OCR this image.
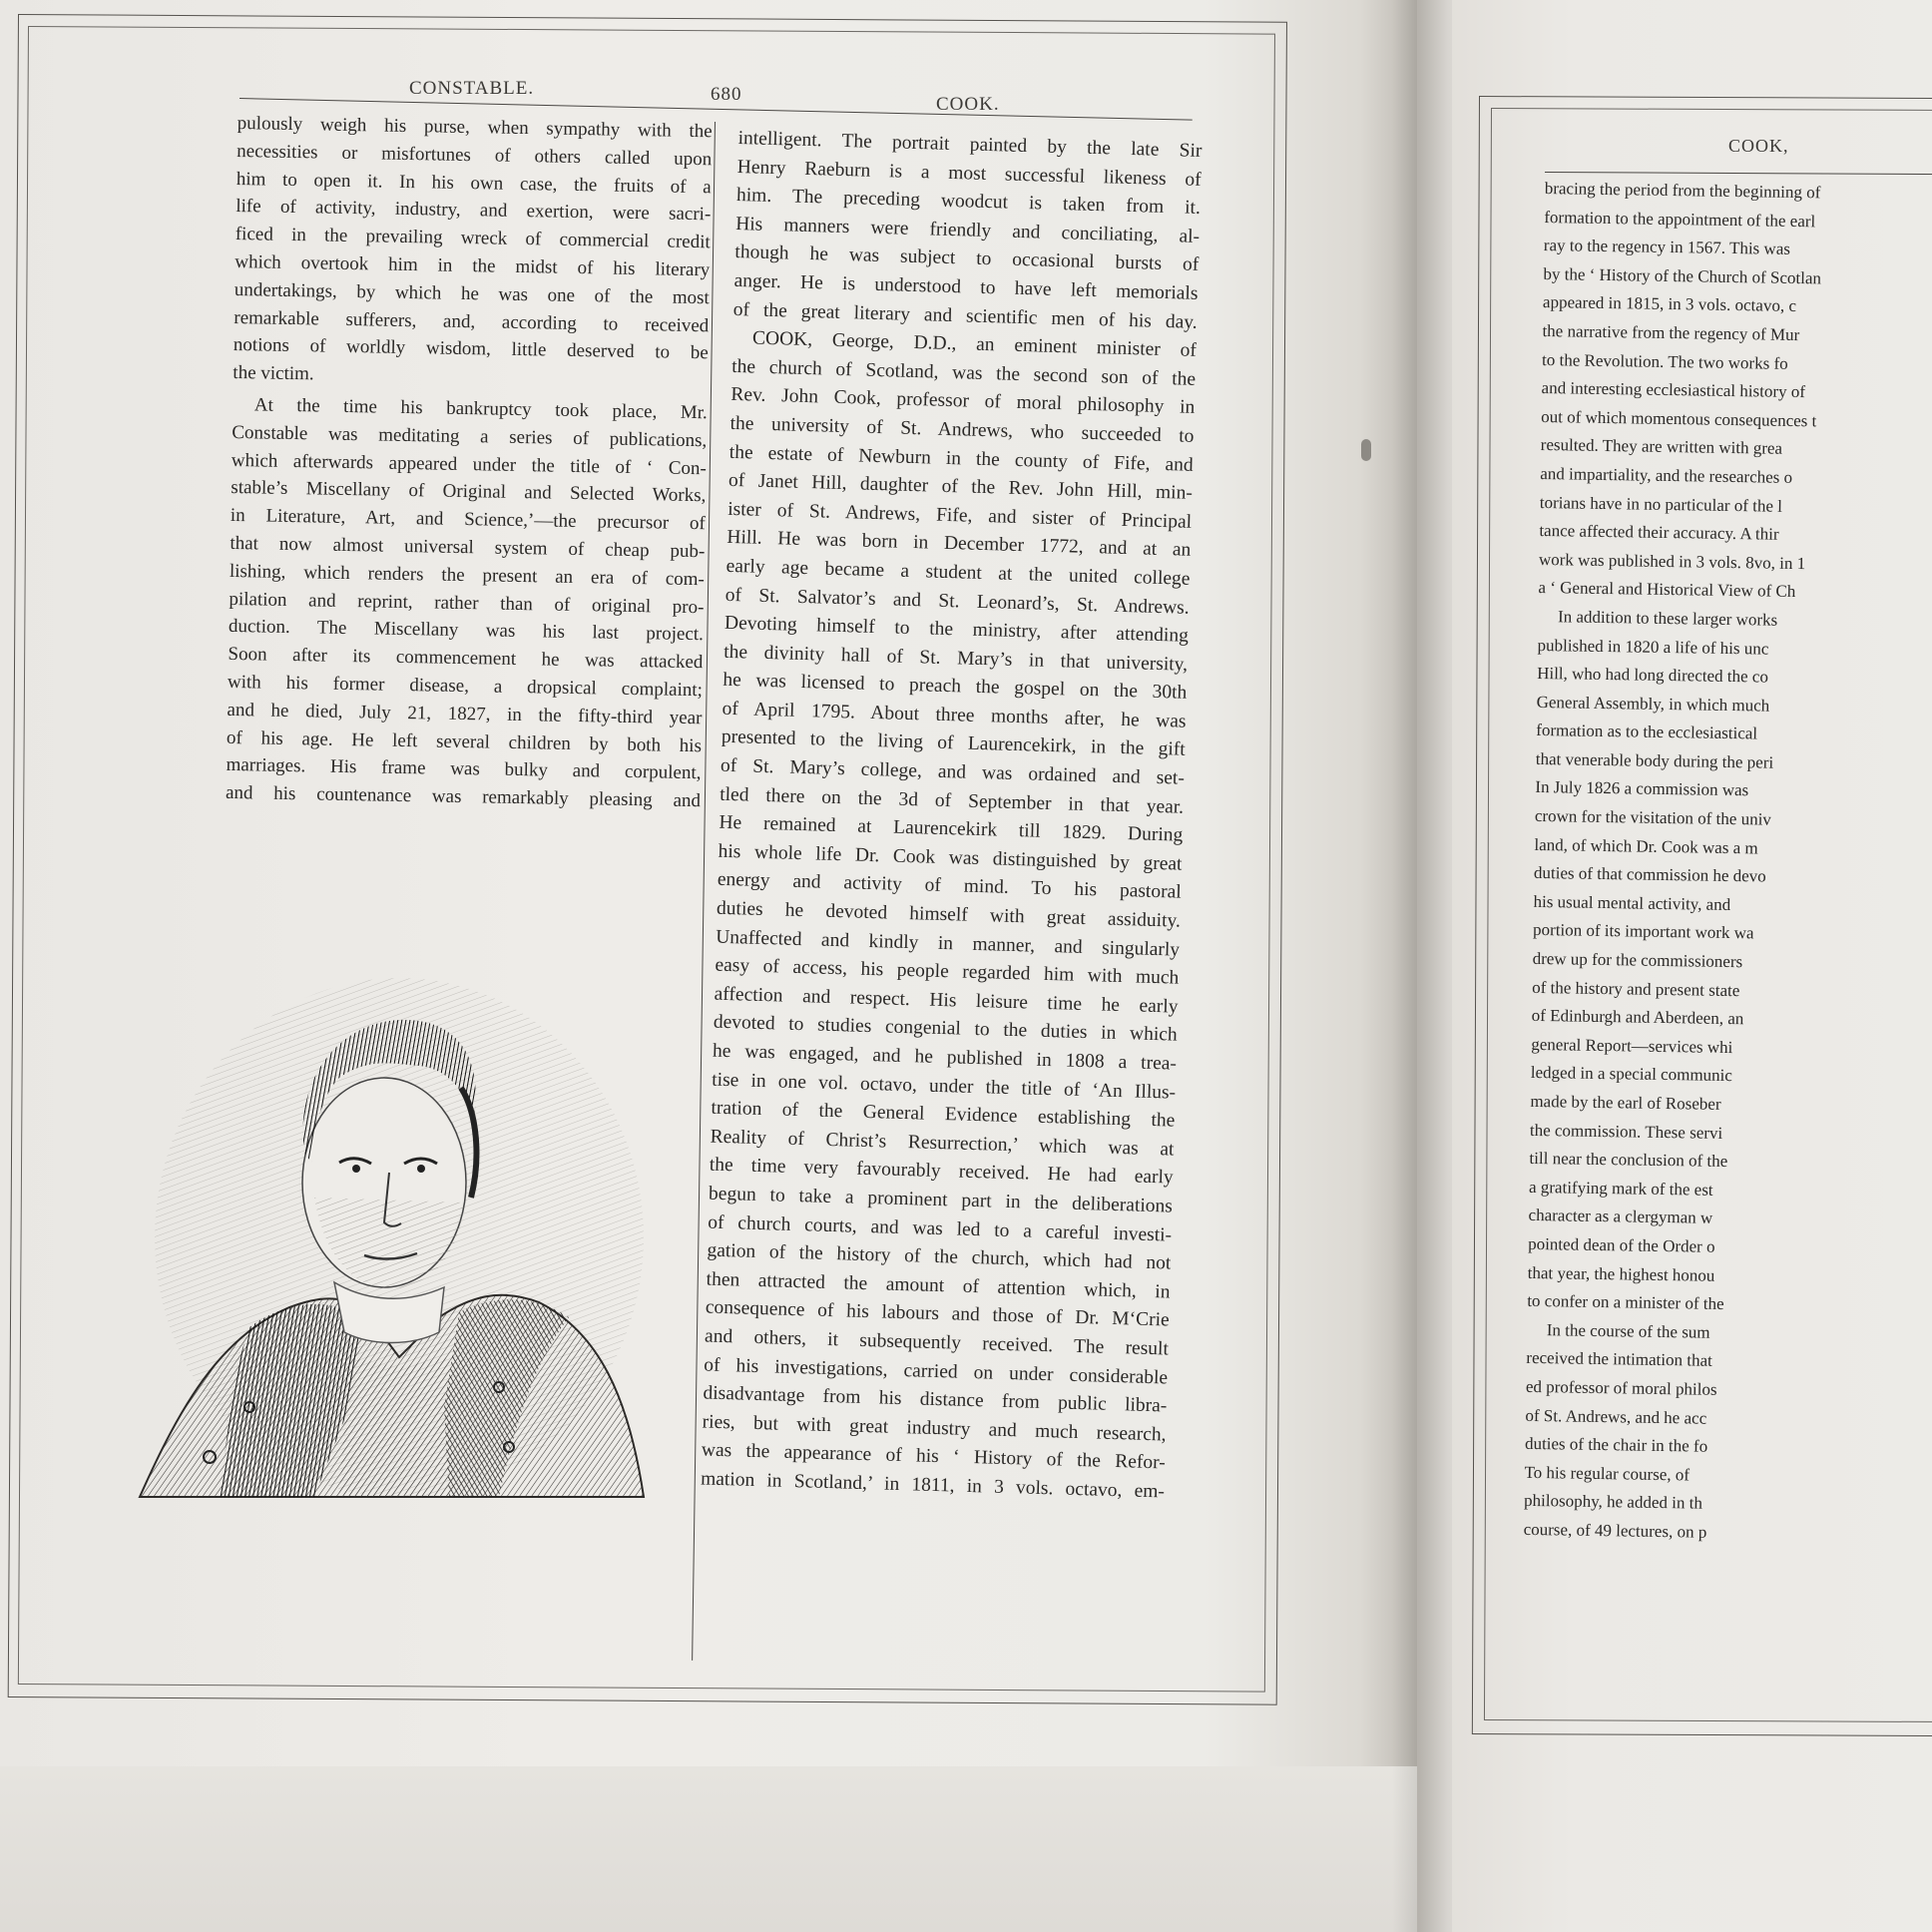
CONSTABLE.	680	COOK.
pulously weigh his purse, when sympathy with the
necessities or misfortunes of others called upon
him to open it. In his own case, the fruits of a
life of activity, industry, and exertion, were sacri-
ficed in the prevailing wreck of commercial credit
which overtook him in the midst of his literary
undertakings, by which he was one of the most
remarkable sufferers, and, according to received
notions of worldly wisdom, little deserved to be
the victim.
At the time his bankruptcy took place, Mr.
Constable was meditating a series of publications,
which afterwards appeared under the title of ‘ Con-
stable’s Miscellany of Original and Selected Works,
in Literature, Art, and Science,’—the precursor of
that now almost universal system of cheap pub-
lishing, which renders the present an era of com-
pilation and reprint, rather than of original pro-
duction. The Miscellany was his last project.
Soon after its commencement he was attacked
with his former disease, a dropsical complaint;
and he died, July 21, 1827, in the fifty-third year
of his age. He left several children by both his
marriages. His frame was bulky and corpulent,
and his countenance was remarkably pleasing and
intelligent. The portrait painted by the late Sir
Henry Raeburn is a most successful likeness of
him. The preceding woodcut is taken from it.
His manners were friendly and conciliating, al-
though he was subject to occasional bursts of
anger. He is understood to have left memorials
of the great literary and scientific men of his day.
COOK, George, D.D., an eminent minister of
the church of Scotland, was the second son of the
Rev. John Cook, professor of moral philosophy in
the university of St. Andrews, who succeeded to
the estate of Newburn in the county of Fife, and
of Janet Hill, daughter of the Rev. John Hill, min-
ister of St. Andrews, Fife, and sister of Principal
Hill. He was born in December 1772, and at an
early age became a student at the united college
of St. Salvator’s and St. Leonard’s, St. Andrews.
Devoting himself to the ministry, after attending
the divinity hall of St. Mary’s in that university,
he was licensed to preach the gospel on the 30th
of April 1795. About three months after, he was
presented to the living of Laurencekirk, in the gift
of St. Mary’s college, and was ordained and set-
tled there on the 3d of September in that year.
He remained at Laurencekirk till 1829. During
his whole life Dr. Cook was distinguished by great
energy and activity of mind. To his pastoral
duties he devoted himself with great assiduity.
Unaffected and kindly in manner, and singularly
easy of access, his people regarded him with much
affection and respect. His leisure time he early
devoted to studies congenial to the duties in which
he was engaged, and he published in 1808 a trea-
tise in one vol. octavo, under the title of ‘An Illus-
tration of the General Evidence establishing the
Reality of Christ’s Resurrection,’ which was at
the time very favourably received. He had early
begun to take a prominent part in the deliberations
of church courts, and was led to a careful investi-
gation of the history of the church, which had not
then attracted the amount of attention which, in
consequence of his labours and those of Dr. M‘Crie
and others, it subsequently received. The result
of his investigations, carried on under considerable
disadvantage from his distance from public libra-
ries, but with great industry and much research,
was the appearance of his ‘ History of the Refor-
mation in Scotland,’ in 1811, in 3 vols. octavo, em-
COOK,
bracing the period from the beginning of
formation to the appointment of the earl
ray to the regency in 1567. This was
by the ‘ History of the Church of Scotlan
appeared in 1815, in 3 vols. octavo, c
the narrative from the regency of Mur
to the Revolution. The two works fo
and interesting ecclesiastical history of
out of which momentous consequences t
resulted. They are written with grea
and impartiality, and the researches o
torians have in no particular of the l
tance affected their accuracy. A thir
work was published in 3 vols. 8vo, in 1
a ‘ General and Historical View of Ch
In addition to these larger works
published in 1820 a life of his unc
Hill, who had long directed the co
General Assembly, in which much
formation as to the ecclesiastical
that venerable body during the peri
In July 1826 a commission was
crown for the visitation of the univ
land, of which Dr. Cook was a m
duties of that commission he devo
his usual mental activity, and
portion of its important work wa
drew up for the commissioners
of the history and present state
of Edinburgh and Aberdeen, an
general Report—services whi
ledged in a special communic
made by the earl of Roseber
the commission. These servi
till near the conclusion of the
a gratifying mark of the est
character as a clergyman w
pointed dean of the Order o
that year, the highest honou
to confer on a minister of the
In the course of the sum
received the intimation that
ed professor of moral philos
of St. Andrews, and he acc
duties of the chair in the fo
To his regular course, of
philosophy, he added in th
course, of 49 lectures, on p
